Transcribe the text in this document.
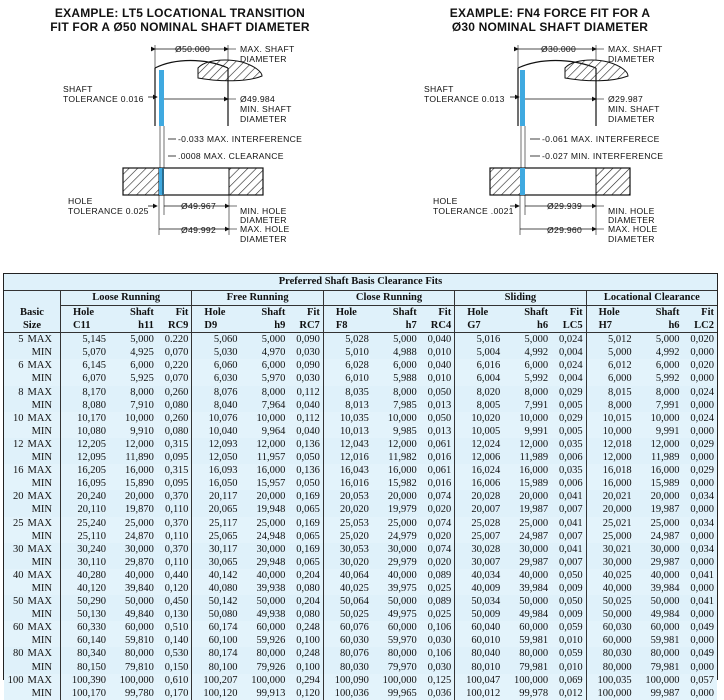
EXAMPLE: LT5 LOCATIONAL TRANSITION
FIT FOR A Ø50 NOMINAL SHAFT DIAMETER
EXAMPLE: FN4 FORCE FIT FOR A
Ø30 NOMINAL SHAFT DIAMETER
Ø50.000	MAX. SHAFT
DIAMETER
SHAFT
TOLERANCE 0.016	Ø49.984
MIN. SHAFT
DIAMETER
-0.033 MAX. INTERFERENCE
.0008 MAX. CLEARANCE
HOLE
TOLERANCE 0.025	Ø49.967	MIN. HOLE
DIAMETER
Ø49.992	MAX. HOLE
DIAMETER
Ø30.000	MAX. SHAFT
DIAMETER
SHAFT
TOLERANCE 0.013	Ø29.987
MIN. SHAFT
DIAMETER
-0.061 MAX. INTERFERECE
-0.027 MIN. INTERFERENCE
HOLE
TOLERANCE .0021	Ø29.939	MIN. HOLE
DIAMETER
Ø29.960	MAX. HOLE
DIAMETER
Preferred Shaft Basis Clearance Fits															
	Loose Running			Free Running			Close Running			Sliding			Locational Clearance		
Basic	Hole	Shaft	Fit	Hole	Shaft	Fit	Hole	Shaft	Fit	Hole	Shaft	Fit	Hole	Shaft	Fit
Size	C11	h11	RC9	D9	h9	RC7	F8	h7	RC4	G7	h6	LC5	H7	h6	LC2
5 MAX	5,145	5,000	0.220	5,060	5,000	0,090	5,028	5,000	0,040	5,016	5,000	0,024	5,012	5,000	0,020
MIN	5,070	4,925	0,070	5,030	4,970	0,030	5,010	4,988	0,010	5,004	4,992	0,004	5,000	4,992	0,000
6 MAX	6,145	6,000	0,220	6,060	6,000	0,090	6,028	6,000	0,040	6,016	6,000	0,024	6,012	6,000	0,020
MIN	6,070	5,925	0,070	6,030	5,970	0,030	6,010	5,988	0,010	6,004	5,992	0,004	6,000	5,992	0,000
8 MAX	8,170	8,000	0,260	8,076	8,000	0,112	8,035	8,000	0,050	8,020	8,000	0,029	8,015	8,000	0,024
MIN	8,080	7,910	0,080	8,040	7,964	0,040	8,013	7,985	0,013	8,005	7,991	0,005	8,000	7,991	0,000
10 MAX	10,170	10,000	0,260	10,076	10,000	0,112	10,035	10,000	0,050	10,020	10,000	0,029	10,015	10,000	0,024
MIN	10,080	9,910	0,080	10,040	9,964	0,040	10,013	9,985	0,013	10,005	9,991	0,005	10,000	9,991	0,000
12 MAX	12,205	12,000	0,315	12,093	12,000	0,136	12,043	12,000	0,061	12,024	12,000	0,035	12,018	12,000	0,029
MIN	12,095	11,890	0,095	12,050	11,957	0,050	12,016	11,982	0,016	12,006	11,989	0,006	12,000	11,989	0,000
16 MAX	16,205	16,000	0,315	16,093	16,000	0,136	16,043	16,000	0,061	16,024	16,000	0,035	16,018	16,000	0,029
MIN	16,095	15,890	0,095	16,050	15,957	0,050	16,016	15,982	0,016	16,006	15,989	0,006	16,000	15,989	0,000
20 MAX	20,240	20,000	0,370	20,117	20,000	0,169	20,053	20,000	0,074	20,028	20,000	0,041	20,021	20,000	0,034
MIN	20,110	19,870	0,110	20,065	19,948	0,065	20,020	19,979	0,020	20,007	19,987	0,007	20,000	19,987	0,000
25 MAX	25,240	25,000	0,370	25,117	25,000	0,169	25,053	25,000	0,074	25,028	25,000	0,041	25,021	25,000	0,034
MIN	25,110	24,870	0,110	25,065	24,948	0,065	25,020	24,979	0,020	25,007	24,987	0,007	25,000	24,987	0,000
30 MAX	30,240	30,000	0,370	30,117	30,000	0,169	30,053	30,000	0,074	30,028	30,000	0,041	30,021	30,000	0,034
MIN	30,110	29,870	0,110	30,065	29,948	0,065	30,020	29,979	0,020	30,007	29,987	0,007	30,000	29,987	0,000
40 MAX	40,280	40,000	0,440	40,142	40,000	0,204	40,064	40,000	0,089	40,034	40,000	0,050	40,025	40,000	0,041
MIN	40,120	39,840	0,120	40,080	39,938	0,080	40,025	39,975	0,025	40,009	39,984	0,009	40,000	39,984	0,000
50 MAX	50,290	50,000	0,450	50,142	50,000	0,204	50,064	50,000	0,089	50,034	50,000	0,050	50,025	50,000	0,041
MIN	50,130	49,840	0,130	50,080	49,938	0,080	50,025	49,975	0,025	50,009	49,984	0,009	50,000	49,984	0,000
60 MAX	60,330	60,000	0,510	60,174	60,000	0,248	60,076	60,000	0,106	60,040	60,000	0,059	60,030	60,000	0,049
MIN	60,140	59,810	0,140	60,100	59,926	0,100	60,030	59,970	0,030	60,010	59,981	0,010	60,000	59,981	0,000
80 MAX	80,340	80,000	0,530	80,174	80,000	0,248	80,076	80,000	0,106	80,040	80,000	0,059	80,030	80,000	0,049
MIN	80,150	79,810	0,150	80,100	79,926	0,100	80,030	79,970	0,030	80,010	79,981	0,010	80,000	79,981	0,000
100 MAX	100,390	100,000	0,610	100,207	100,000	0,294	100,090	100,000	0,125	100,047	100,000	0,069	100,035	100,000	0,057
MIN	100,170	99,780	0,170	100,120	99,913	0,120	100,036	99,965	0,036	100,012	99,978	0,012	100,000	99,987	0,000
